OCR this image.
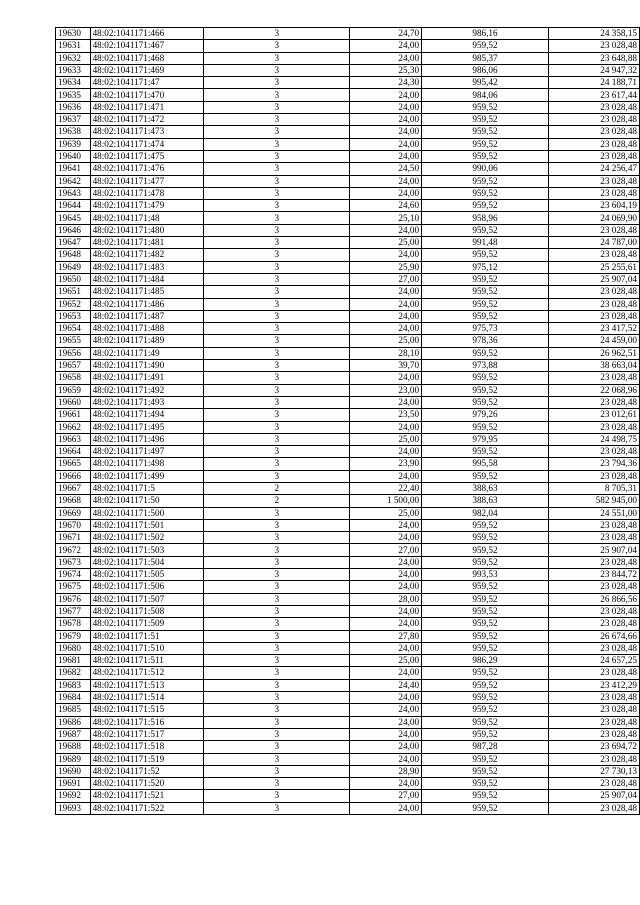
19630	48:02:1041171:466	3	24,70	986,16	24 358,15
19631	48:02:1041171:467	3	24,00	959,52	23 028,48
19632	48:02:1041171:468	3	24,00	985,37	23 648,88
19633	48:02:1041171:469	3	25,30	986,06	24 947,32
19634	48:02:1041171:47	3	24,30	995,42	24 188,71
19635	48:02:1041171:470	3	24,00	984,06	23 617,44
19636	48:02:1041171:471	3	24,00	959,52	23 028,48
19637	48:02:1041171:472	3	24,00	959,52	23 028,48
19638	48:02:1041171:473	3	24,00	959,52	23 028,48
19639	48:02:1041171:474	3	24,00	959,52	23 028,48
19640	48:02:1041171:475	3	24,00	959,52	23 028,48
19641	48:02:1041171:476	3	24,50	990,06	24 256,47
19642	48:02:1041171:477	3	24,00	959,52	23 028,48
19643	48:02:1041171:478	3	24,00	959,52	23 028,48
19644	48:02:1041171:479	3	24,60	959,52	23 604,19
19645	48:02:1041171:48	3	25,10	958,96	24 069,90
19646	48:02:1041171:480	3	24,00	959,52	23 028,48
19647	48:02:1041171:481	3	25,00	991,48	24 787,00
19648	48:02:1041171:482	3	24,00	959,52	23 028,48
19649	48:02:1041171:483	3	25,90	975,12	25 255,61
19650	48:02:1041171:484	3	27,00	959,52	25 907,04
19651	48:02:1041171:485	3	24,00	959,52	23 028,48
19652	48:02:1041171:486	3	24,00	959,52	23 028,48
19653	48:02:1041171:487	3	24,00	959,52	23 028,48
19654	48:02:1041171:488	3	24,00	975,73	23 417,52
19655	48:02:1041171:489	3	25,00	978,36	24 459,00
19656	48:02:1041171:49	3	28,10	959,52	26 962,51
19657	48:02:1041171:490	3	39,70	973,88	38 663,04
19658	48:02:1041171:491	3	24,00	959,52	23 028,48
19659	48:02:1041171:492	3	23,00	959,52	22 068,96
19660	48:02:1041171:493	3	24,00	959,52	23 028,48
19661	48:02:1041171:494	3	23,50	979,26	23 012,61
19662	48:02:1041171:495	3	24,00	959,52	23 028,48
19663	48:02:1041171:496	3	25,00	979,95	24 498,75
19664	48:02:1041171:497	3	24,00	959,52	23 028,48
19665	48:02:1041171:498	3	23,90	995,58	23 794,36
19666	48:02:1041171:499	3	24,00	959,52	23 028,48
19667	48:02:1041171:5	2	22,40	388,63	8 705,31
19668	48:02:1041171:50	2	1 500,00	388,63	582 945,00
19669	48:02:1041171:500	3	25,00	982,04	24 551,00
19670	48:02:1041171:501	3	24,00	959,52	23 028,48
19671	48:02:1041171:502	3	24,00	959,52	23 028,48
19672	48:02:1041171:503	3	27,00	959,52	25 907,04
19673	48:02:1041171:504	3	24,00	959,52	23 028,48
19674	48:02:1041171:505	3	24,00	993,53	23 844,72
19675	48:02:1041171:506	3	24,00	959,52	23 028,48
19676	48:02:1041171:507	3	28,00	959,52	26 866,56
19677	48:02:1041171:508	3	24,00	959,52	23 028,48
19678	48:02:1041171:509	3	24,00	959,52	23 028,48
19679	48:02:1041171:51	3	27,80	959,52	26 674,66
19680	48:02:1041171:510	3	24,00	959,52	23 028,48
19681	48:02:1041171:511	3	25,00	986,29	24 657,25
19682	48:02:1041171:512	3	24,00	959,52	23 028,48
19683	48:02:1041171:513	3	24,40	959,52	23 412,29
19684	48:02:1041171:514	3	24,00	959,52	23 028,48
19685	48:02:1041171:515	3	24,00	959,52	23 028,48
19686	48:02:1041171:516	3	24,00	959,52	23 028,48
19687	48:02:1041171:517	3	24,00	959,52	23 028,48
19688	48:02:1041171:518	3	24,00	987,28	23 694,72
19689	48:02:1041171:519	3	24,00	959,52	23 028,48
19690	48:02:1041171:52	3	28,90	959,52	27 730,13
19691	48:02:1041171:520	3	24,00	959,52	23 028,48
19692	48:02:1041171:521	3	27,00	959,52	25 907,04
19693	48:02:1041171:522	3	24,00	959,52	23 028,48
